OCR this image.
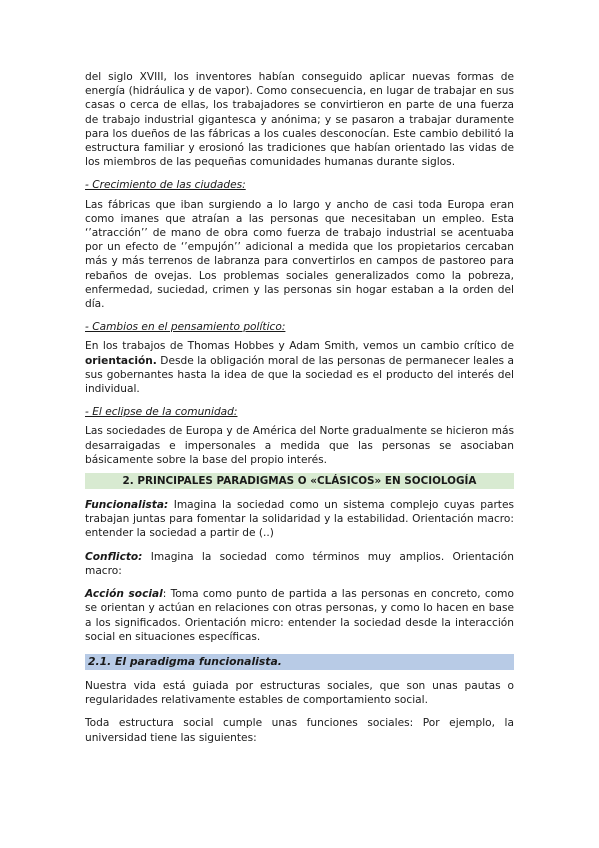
del siglo XVIII, los inventores habían conseguido aplicar nuevas formas de energía (hidráulica y de vapor). Como consecuencia, en lugar de trabajar en sus casas o cerca de ellas, los trabajadores se convirtieron en parte de una fuerza de trabajo industrial gigantesca y anónima; y se pasaron a trabajar duramente para los dueños de las fábricas a los cuales desconocían. Este cambio debilitó la estructura familiar y erosionó las tradiciones que habían orientado las vidas de los miembros de las pequeñas comunidades humanas durante siglos.

- Crecimiento de las ciudades:

Las fábricas que iban surgiendo a lo largo y ancho de casi toda Europa eran como imanes que atraían a las personas que necesitaban un empleo. Esta ‘’atracción’’ de mano de obra como fuerza de trabajo industrial se acentuaba por un efecto de ‘’empujón’’ adicional a medida que los propietarios cercaban más y más terrenos de labranza para convertirlos en campos de pastoreo para rebaños de ovejas. Los problemas sociales generalizados como la pobreza, enfermedad, suciedad, crimen y las personas sin hogar estaban a la orden del día.

- Cambios en el pensamiento político:

En los trabajos de Thomas Hobbes y Adam Smith, vemos un cambio crítico de orientación. Desde la obligación moral de las personas de permanecer leales a sus gobernantes hasta la idea de que la sociedad es el producto del interés del individual.

- El eclipse de la comunidad:

Las sociedades de Europa y de América del Norte gradualmente se hicieron más desarraigadas e impersonales a medida que las personas se asociaban básicamente sobre la base del propio interés.

2. PRINCIPALES PARADIGMAS O «CLÁSICOS» EN SOCIOLOGÍA

Funcionalista: Imagina la sociedad como un sistema complejo cuyas partes trabajan juntas para fomentar la solidaridad y la estabilidad. Orientación macro: entender la sociedad a partir de (..)

Conflicto: Imagina la sociedad como términos muy amplios. Orientación macro:

Acción social: Toma como punto de partida a las personas en concreto, como se orientan y actúan en relaciones con otras personas, y como lo hacen en base a los significados. Orientación micro: entender la sociedad desde la interacción social en situaciones específicas.

2.1. El paradigma funcionalista.

Nuestra vida está guiada por estructuras sociales, que son unas pautas o regularidades relativamente estables de comportamiento social.

Toda estructura social cumple unas funciones sociales: Por ejemplo, la universidad tiene las siguientes:
